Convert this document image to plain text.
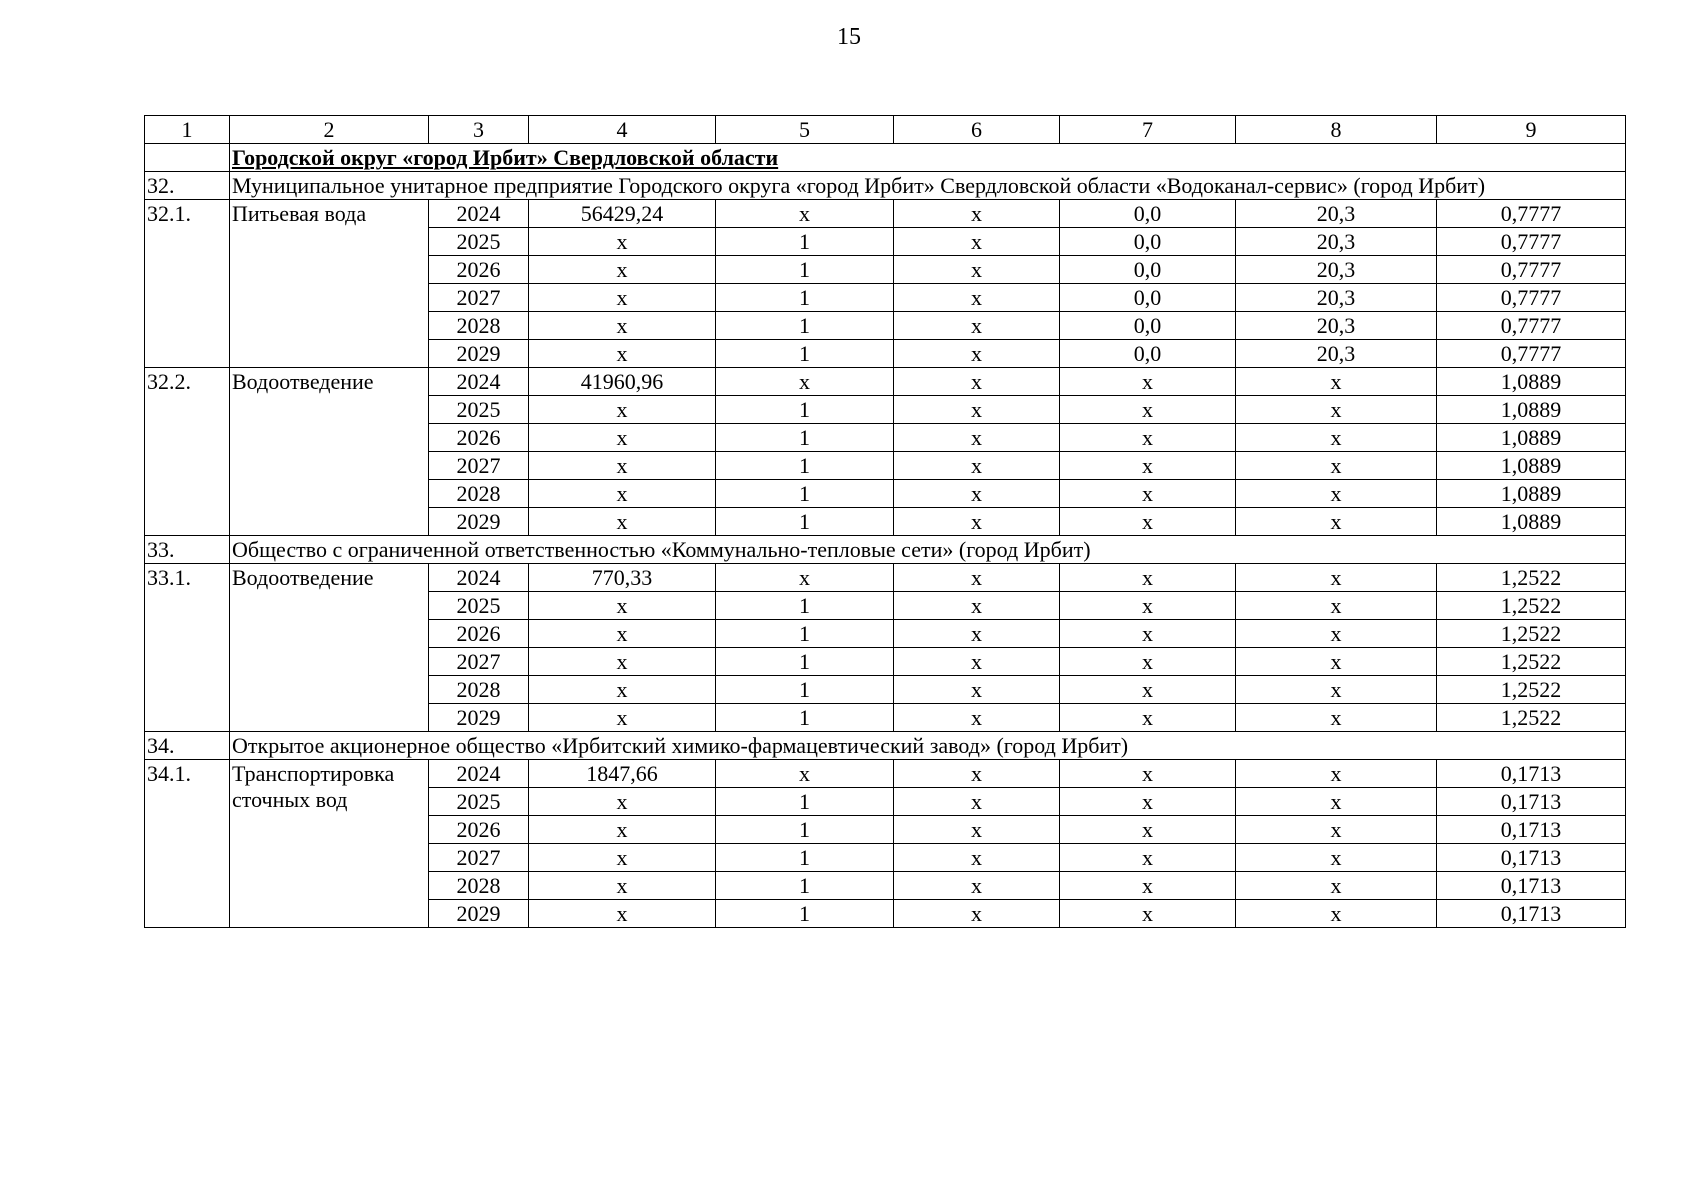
15
1	2	3	4	5	6	7	8	9
	Городской округ «город Ирбит» Свердловской области							
32.	Муниципальное унитарное предприятие Городского округа «город Ирбит» Свердловской области «Водоканал-сервис» (город Ирбит)							
32.1.	Питьевая вода	2024	56429,24	х	х	0,0	20,3	0,7777
		2025	х	1	х	0,0	20,3	0,7777
		2026	х	1	х	0,0	20,3	0,7777
		2027	х	1	х	0,0	20,3	0,7777
		2028	х	1	х	0,0	20,3	0,7777
		2029	х	1	х	0,0	20,3	0,7777
32.2.	Водоотведение	2024	41960,96	х	х	х	х	1,0889
		2025	х	1	х	х	х	1,0889
		2026	х	1	х	х	х	1,0889
		2027	х	1	х	х	х	1,0889
		2028	х	1	х	х	х	1,0889
		2029	х	1	х	х	х	1,0889
33.	Общество с ограниченной ответственностью «Коммунально-тепловые сети» (город Ирбит)							
33.1.	Водоотведение	2024	770,33	х	х	х	х	1,2522
		2025	х	1	х	х	х	1,2522
		2026	х	1	х	х	х	1,2522
		2027	х	1	х	х	х	1,2522
		2028	х	1	х	х	х	1,2522
		2029	х	1	х	х	х	1,2522
34.	Открытое акционерное общество «Ирбитский химико-фармацевтический завод» (город Ирбит)							
34.1.	Транспортировка сточных вод	2024	1847,66	х	х	х	х	0,1713
		2025	х	1	х	х	х	0,1713
		2026	х	1	х	х	х	0,1713
		2027	х	1	х	х	х	0,1713
		2028	х	1	х	х	х	0,1713
		2029	х	1	х	х	х	0,1713
